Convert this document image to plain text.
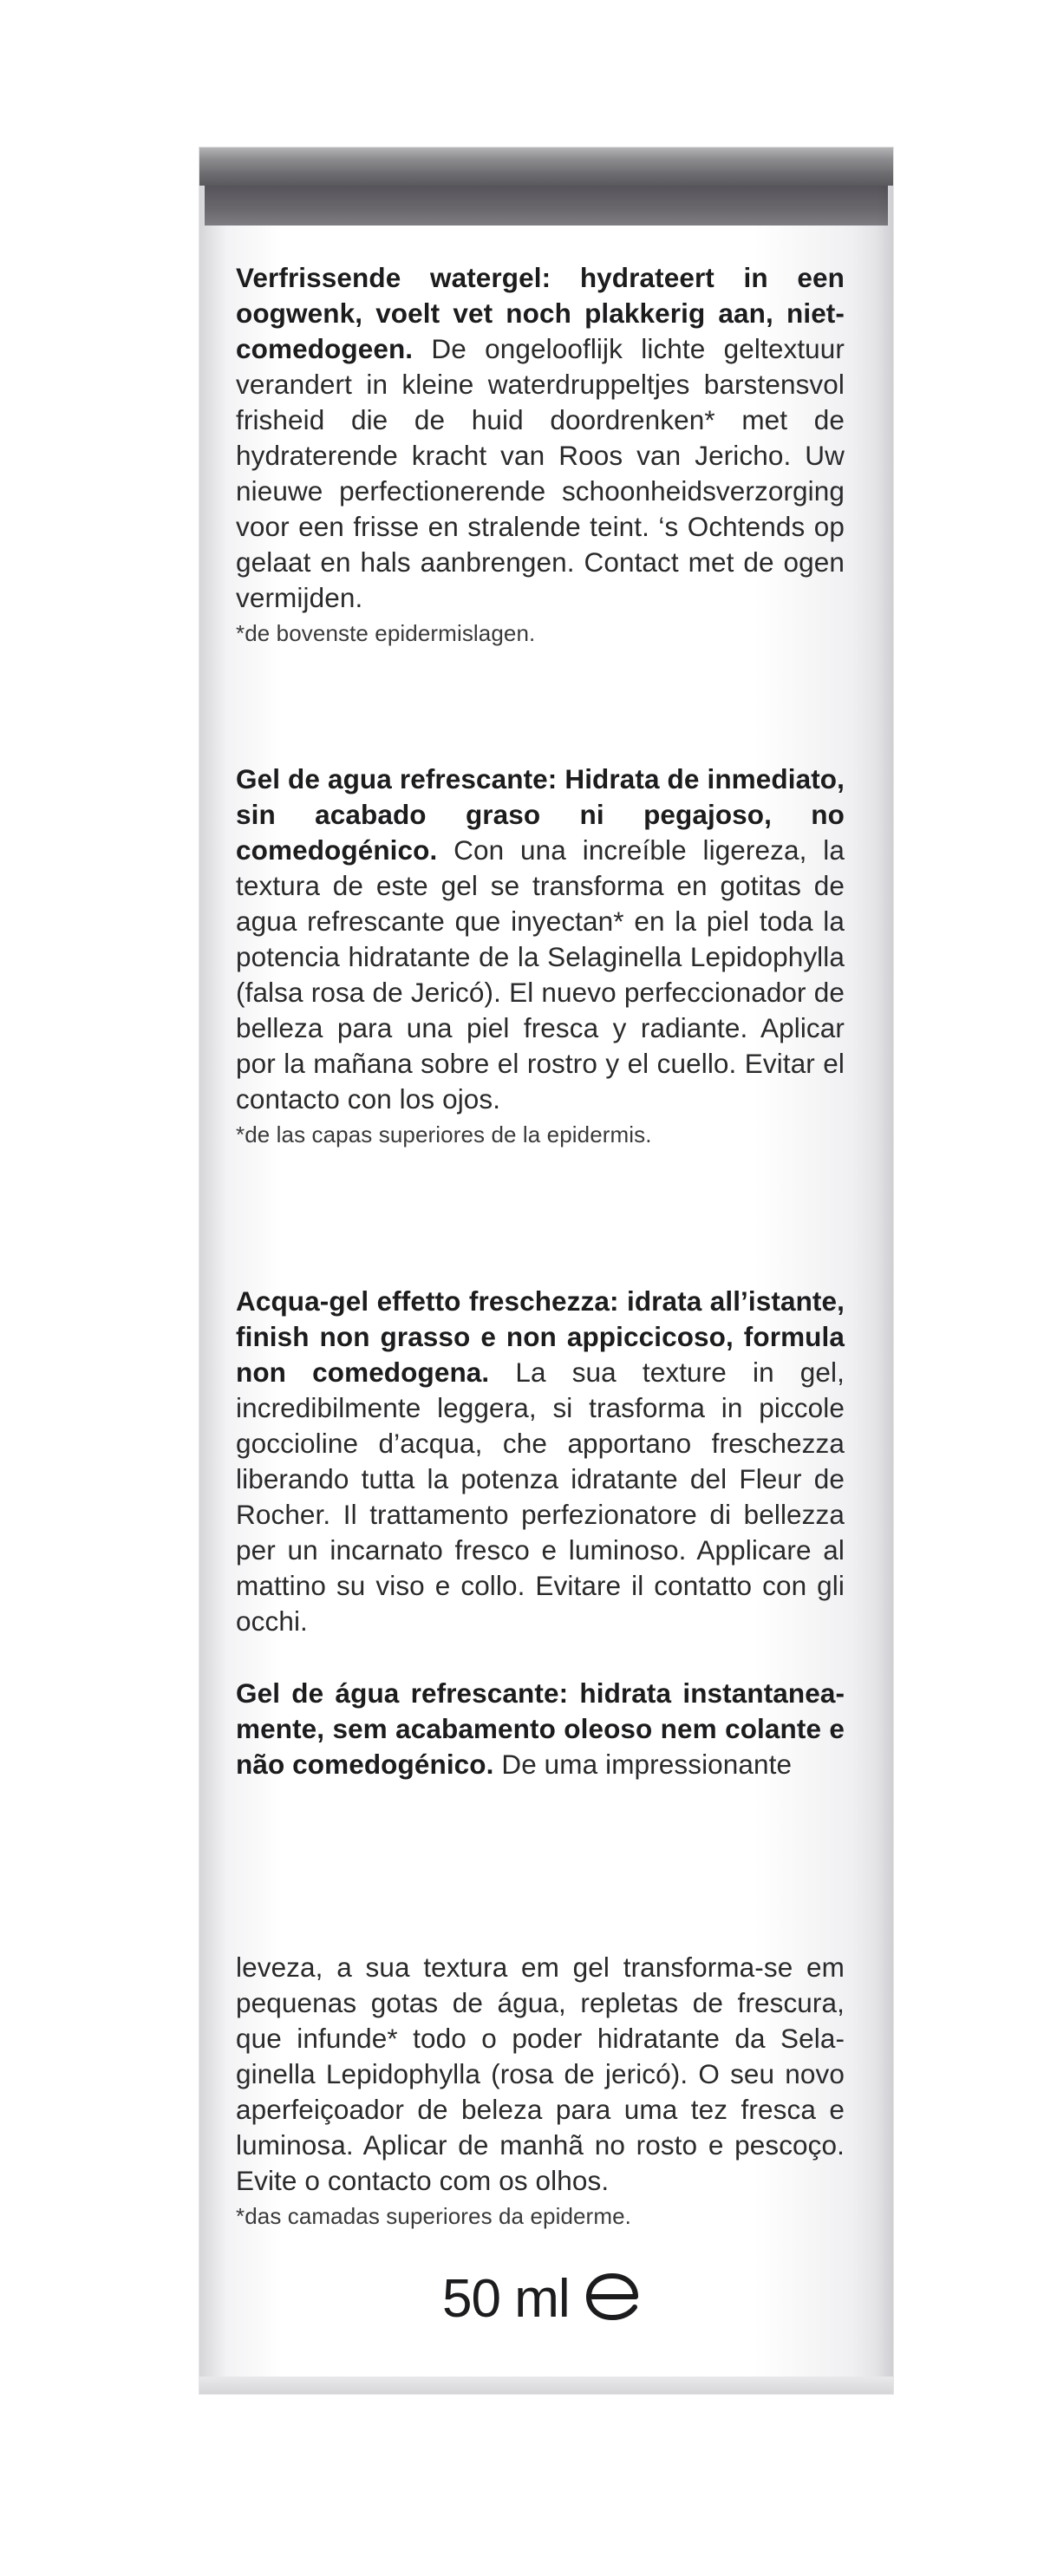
Verfrissende watergel: hydrateert in een oogwenk, voelt vet noch plakkerig aan, niet-comedogeen. De ongelooflijk lichte geltextuur verandert in kleine waterdruppeltjes barstensvol frisheid die de huid doordrenken* met de hydraterende kracht van Roos van Jericho. Uw nieuwe perfectionerende schoonheidsverzorging voor een frisse en stralende teint. ‘s Ochtends op gelaat en hals aanbrengen. Contact met de ogen vermijden.

*de bovenste epidermislagen.

Gel de agua refrescante: Hidrata de inmediato, sin acabado graso ni pegajoso, no comedogénico. Con una increíble ligereza, la textura de este gel se transforma en gotitas de agua refrescante que inyectan* en la piel toda la potencia hidratante de la Selaginella Lepidophylla (falsa rosa de Jericó). El nuevo perfeccionador de belleza para una piel fresca y radiante. Aplicar por la mañana sobre el rostro y el cuello. Evitar el contacto con los ojos.

*de las capas superiores de la epidermis.

Acqua-gel effetto freschezza: idrata all’istante, finish non grasso e non appiccicoso, formula non comedogena. La sua texture in gel, incredibilmente leggera, si trasforma in piccole goccioline d’acqua, che apportano freschezza liberando tutta la potenza idratante del Fleur de Rocher. Il trattamento perfezionatore di bellezza per un incarnato fresco e luminoso. Applicare al mattino su viso e collo. Evitare il contatto con gli occhi.

Gel de água refrescante: hidrata instantaneamente, sem acabamento oleoso nem colante e não comedogénico. De uma impressionante

leveza, a sua textura em gel transforma-se em pequenas gotas de água, repletas de frescura, que infunde* todo o poder hidratante da Selaginella Lepidophylla (rosa de jericó). O seu novo aperfeiçoador de beleza para uma tez fresca e luminosa. Aplicar de manhã no rosto e pescoço. Evite o contacto com os olhos.

*das camadas superiores da epiderme.

50 ml
